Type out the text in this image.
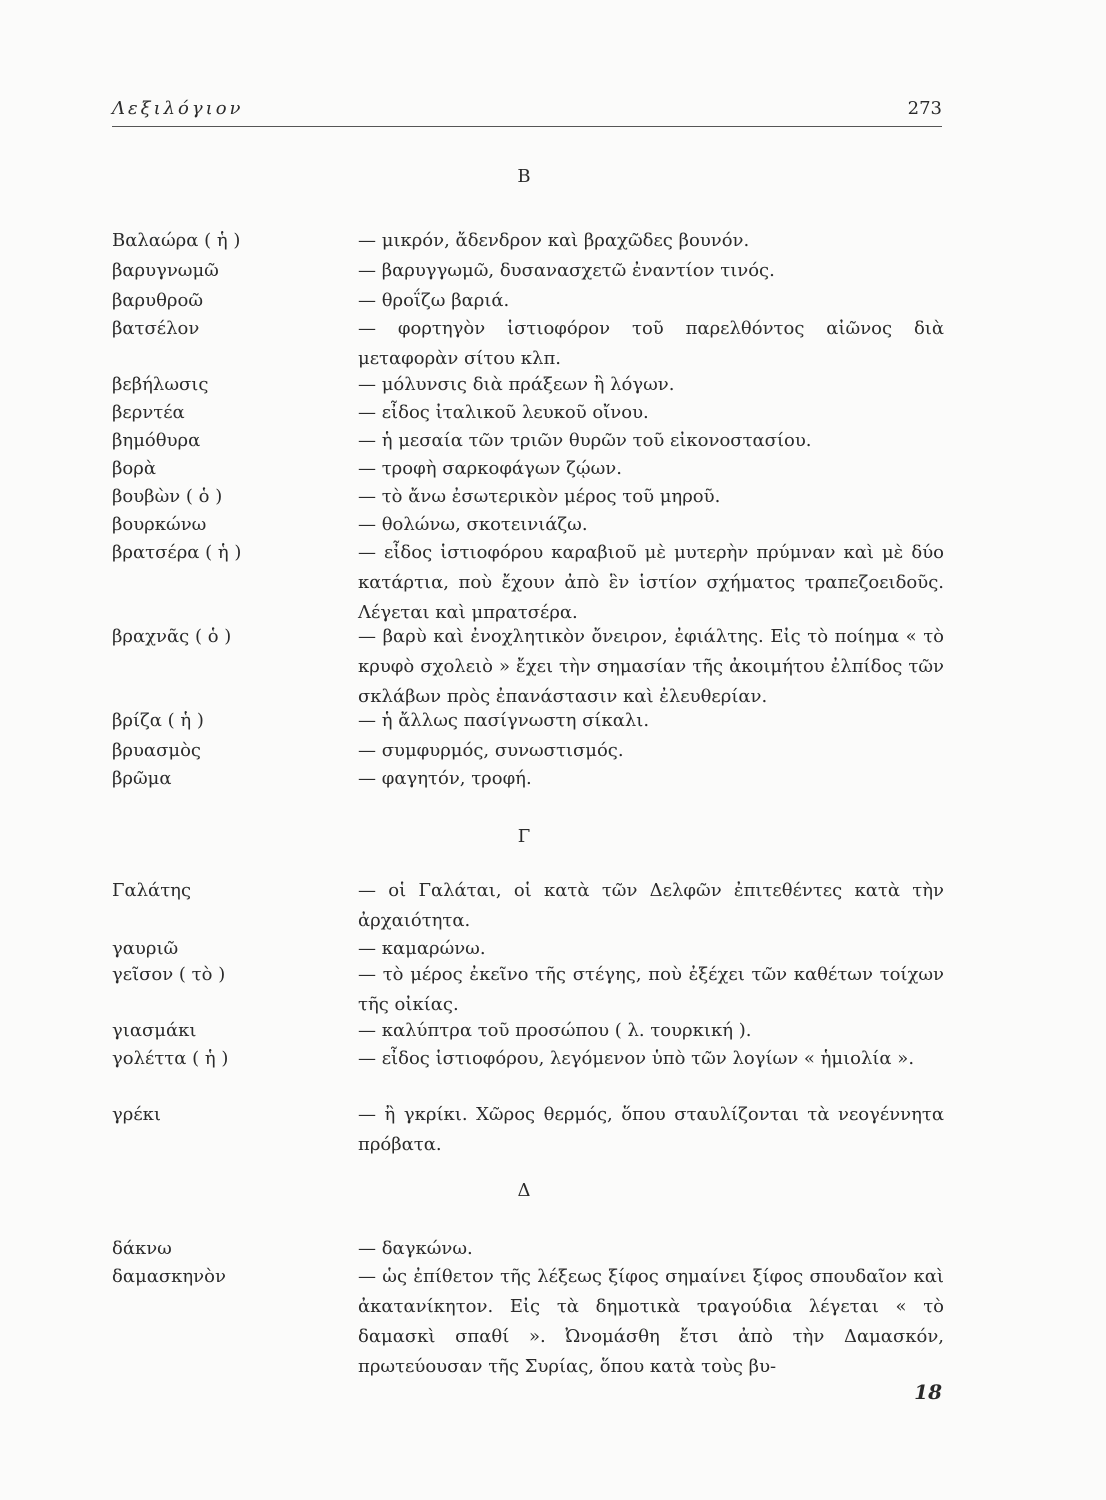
Λεξιλόγιον	273
Β
Βαλαώρα ( ἡ )	— μικρόν, ἄδενδρον καὶ βραχῶδες βουνόν.
βαρυγνωμῶ	— βαρυγγωμῶ, δυσανασχετῶ ἐναντίον τινός.
βαρυθροῶ	— θροΐζω βαριά.
βατσέλον	— φορτηγὸν ἱστιοφόρον τοῦ παρελθόντος αἰῶνος διὰ μεταφορὰν σίτου κλπ.
βεβήλωσις	— μόλυνσις διὰ πράξεων ἢ λόγων.
βερντέα	— εἶδος ἰταλικοῦ λευκοῦ οἴνου.
βημόθυρα	— ἡ μεσαία τῶν τριῶν θυρῶν τοῦ εἰκονοστασίου.
βορὰ	— τροφὴ σαρκοφάγων ζῴων.
βουβὼν ( ὁ )	— τὸ ἄνω ἐσωτερικὸν μέρος τοῦ μηροῦ.
βουρκώνω	— θολώνω, σκοτεινιάζω.
βρατσέρα ( ἡ )	— εἶδος ἱστιοφόρου καραβιοῦ μὲ μυτερὴν πρύμναν καὶ μὲ δύο κατάρτια, ποὺ ἔχουν ἀπὸ ἓν ἱστίον σχήματος τραπεζοειδοῦς. Λέγεται καὶ μπρατσέρα.
βραχνᾶς ( ὁ )	— βαρὺ καὶ ἐνοχλητικὸν ὄνειρον, ἐφιάλτης. Εἰς τὸ ποίημα « τὸ κρυφὸ σχολειὸ » ἔχει τὴν σημασίαν τῆς ἀκοιμήτου ἐλπίδος τῶν σκλάβων πρὸς ἐπανάστασιν καὶ ἐλευθερίαν.
βρίζα ( ἡ )	— ἡ ἄλλως πασίγνωστη σίκαλι.
βρυασμὸς	— συμφυρμός, συνωστισμός.
βρῶμα	— φαγητόν, τροφή.
Γ
Γαλάτης	— οἱ Γαλάται, οἱ κατὰ τῶν Δελφῶν ἐπιτεθέντες κατὰ τὴν ἀρχαιότητα.
γαυριῶ	— καμαρώνω.
γεῖσον ( τὸ )	— τὸ μέρος ἐκεῖνο τῆς στέγης, ποὺ ἐξέχει τῶν καθέτων τοίχων τῆς οἰκίας.
γιασμάκι	— καλύπτρα τοῦ προσώπου ( λ. τουρκική ).
γολέττα ( ἡ )	— εἶδος ἱστιοφόρου, λεγόμενον ὑπὸ τῶν λογίων « ἡμιολία ».
γρέκι	— ἢ γκρίκι. Χῶρος θερμός, ὅπου σταυλίζονται τὰ νεογέννητα πρόβατα.
Δ
δάκνω	— δαγκώνω.
δαμασκηνὸν	— ὡς ἐπίθετον τῆς λέξεως ξίφος σημαίνει ξίφος σπουδαῖον καὶ ἀκατανίκητον. Εἰς τὰ δημοτικὰ τραγούδια λέγεται « τὸ δαμασκὶ σπαθί ». Ὠνομάσθη ἔτσι ἀπὸ τὴν Δαμασκόν, πρωτεύουσαν τῆς Συρίας, ὅπου κατὰ τοὺς βυ-
18
